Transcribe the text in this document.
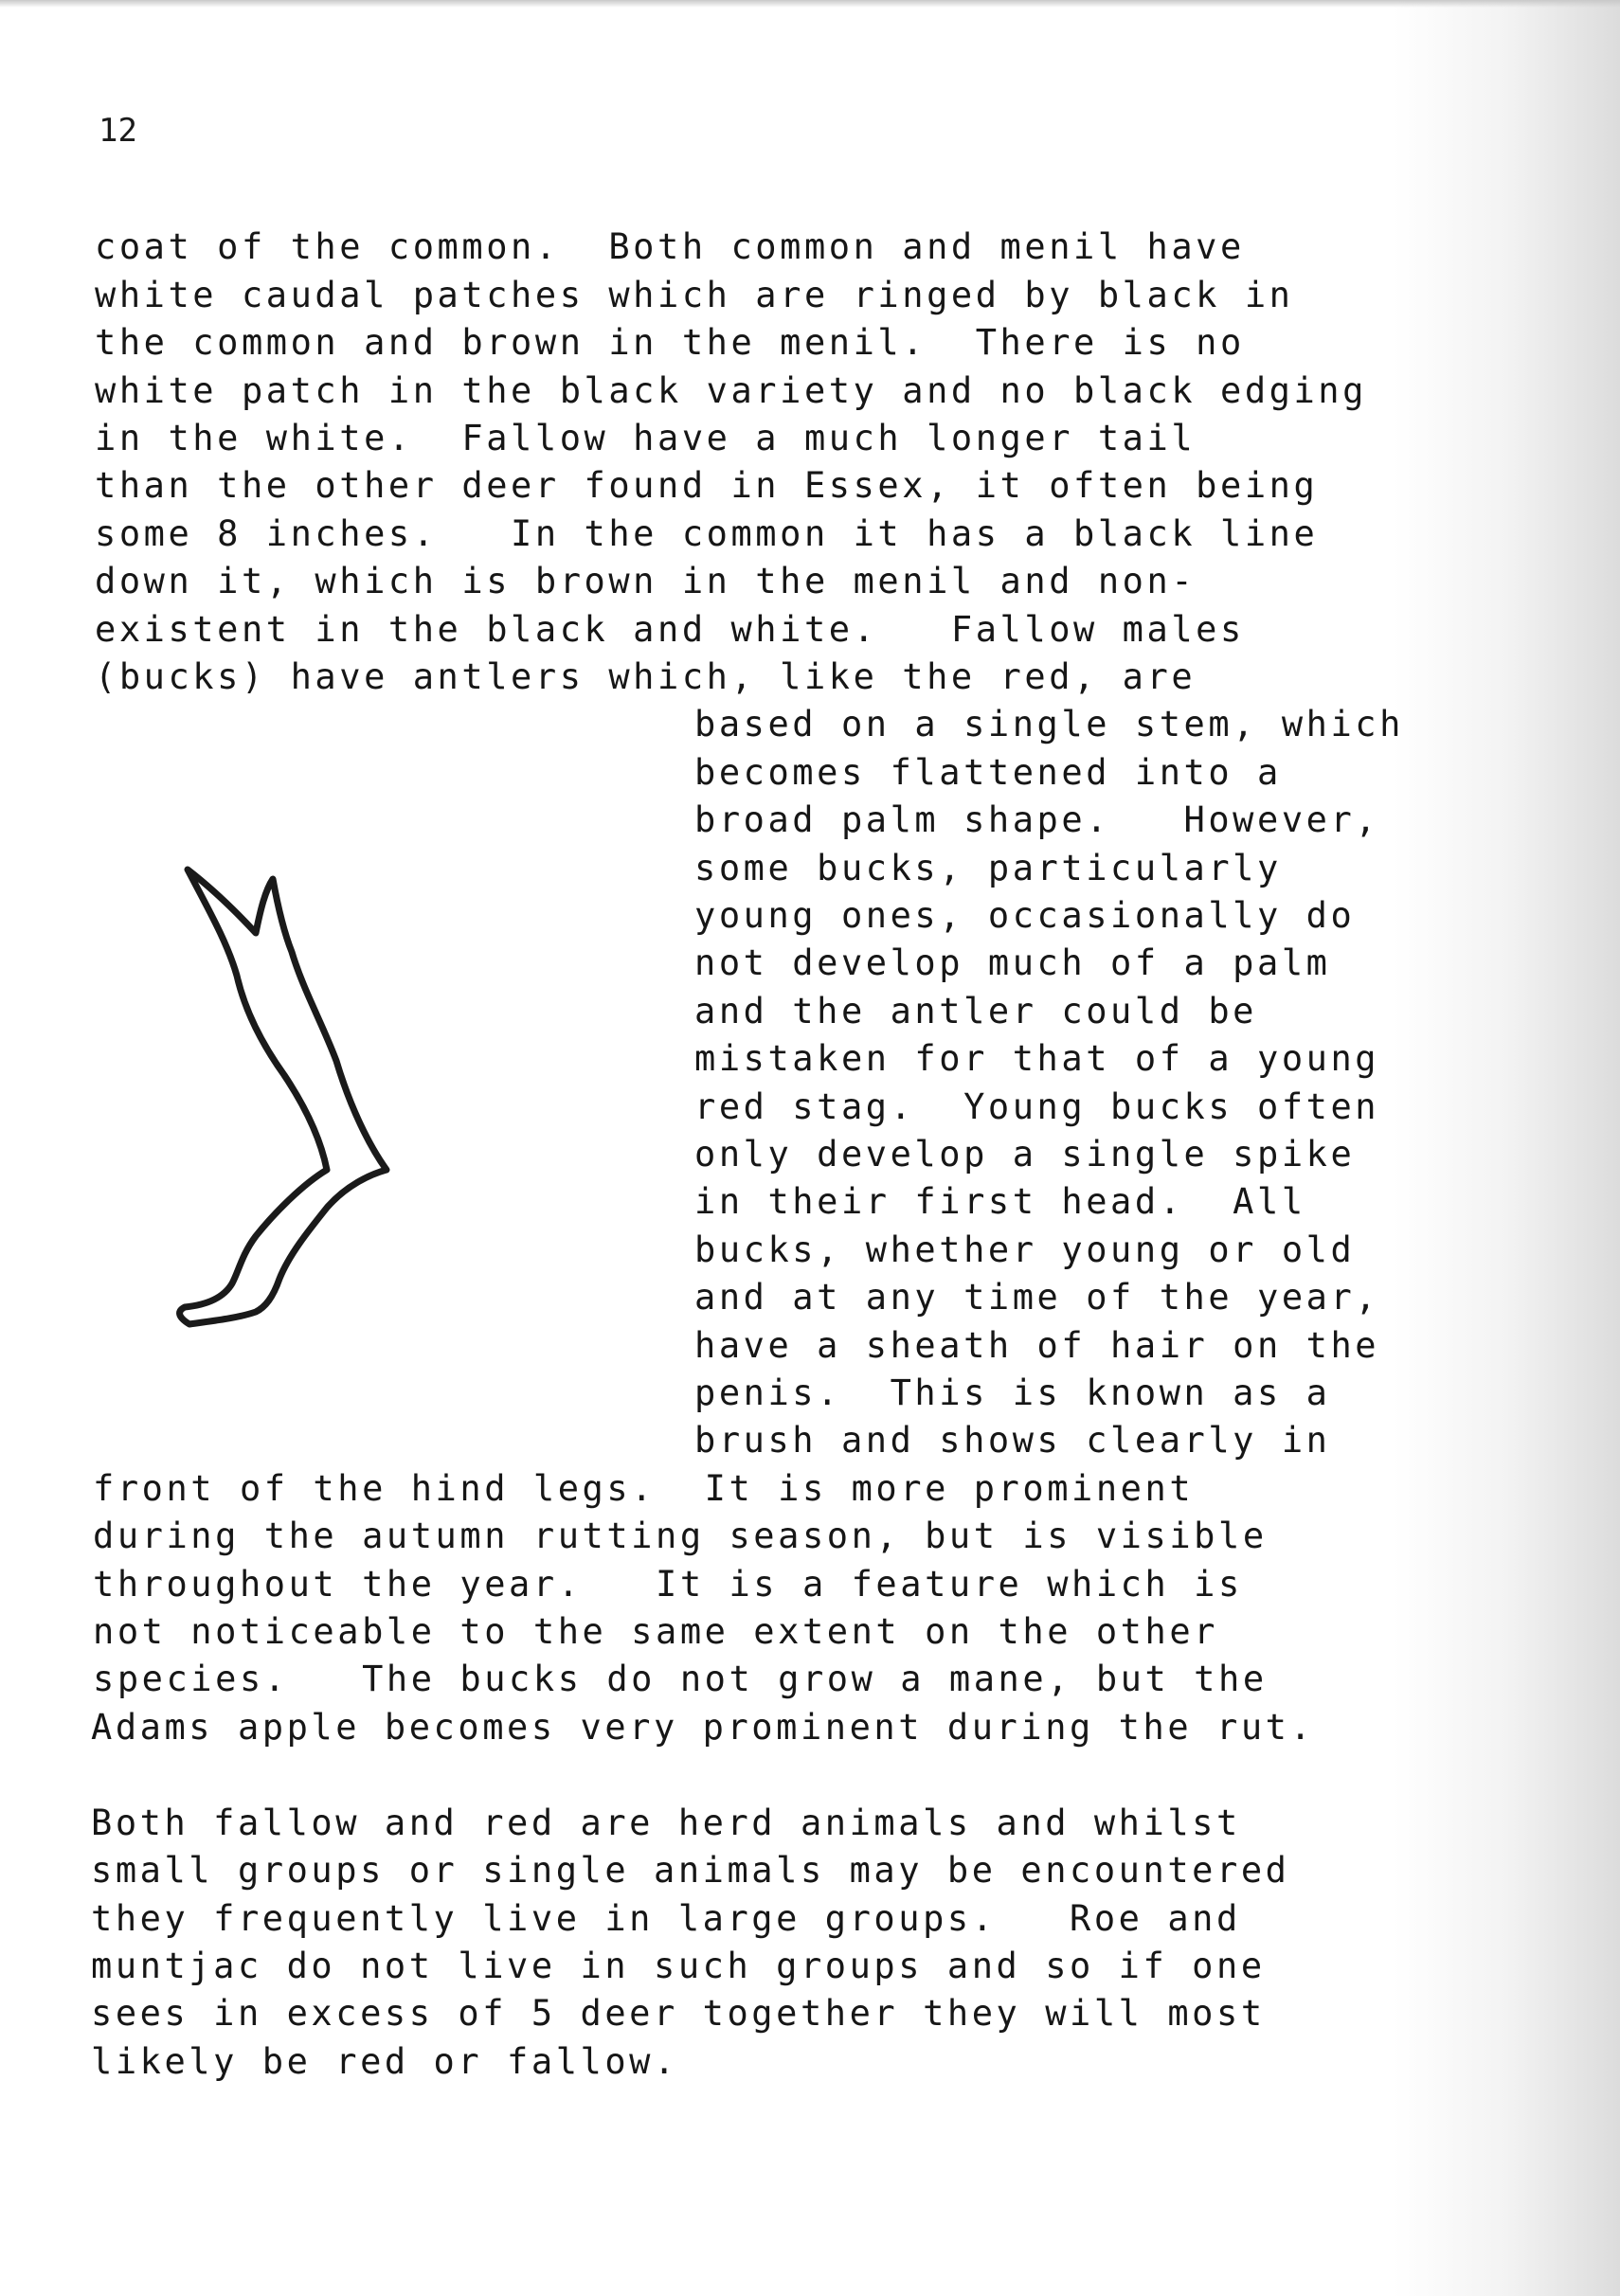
12
coat of the common.  Both common and menil have
white caudal patches which are ringed by black in
the common and brown in the menil.  There is no
white patch in the black variety and no black edging
in the white.  Fallow have a much longer tail
than the other deer found in Essex, it often being
some 8 inches.   In the common it has a black line
down it, which is brown in the menil and non-
existent in the black and white.   Fallow males
(bucks) have antlers which, like the red, are
based on a single stem, which
becomes flattened into a
broad palm shape.   However,
some bucks, particularly
young ones, occasionally do
not develop much of a palm
and the antler could be
mistaken for that of a young
red stag.  Young bucks often
only develop a single spike
in their first head.  All
bucks, whether young or old
and at any time of the year,
have a sheath of hair on the
penis.  This is known as a
brush and shows clearly in
front of the hind legs.  It is more prominent
during the autumn rutting season, but is visible
throughout the year.   It is a feature which is
not noticeable to the same extent on the other
species.   The bucks do not grow a mane, but the
Adams apple becomes very prominent during the rut.
Both fallow and red are herd animals and whilst
small groups or single animals may be encountered
they frequently live in large groups.   Roe and
muntjac do not live in such groups and so if one
sees in excess of 5 deer together they will most
likely be red or fallow.
